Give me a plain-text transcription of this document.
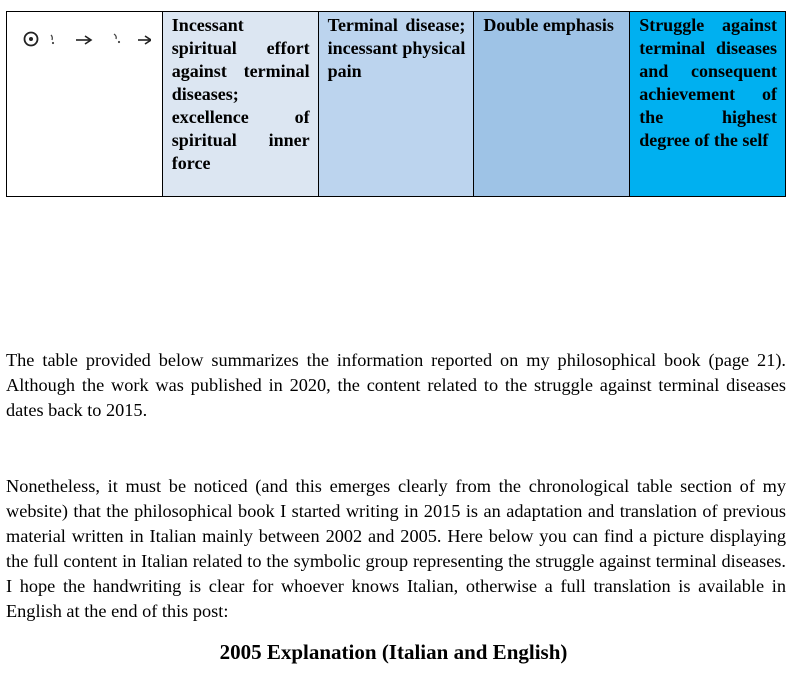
	Incessant spiritual effort against terminal diseases; excellence of spiritual inner force	Terminal disease; incessant physical pain	Double emphasis	Struggle against terminal diseases and consequent achievement of the highest degree of the self

The table provided below summarizes the information reported on my philosophical book (page 21). Although the work was published in 2020, the content related to the struggle against terminal diseases dates back to 2015.

Nonetheless, it must be noticed (and this emerges clearly from the chronological table section of my website) that the philosophical book I started writing in 2015 is an adaptation and translation of previous material written in Italian mainly between 2002 and 2005. Here below you can find a picture displaying the full content in Italian related to the symbolic group representing the struggle against terminal diseases. I hope the handwriting is clear for whoever knows Italian, otherwise a full translation is available in English at the end of this post:

2005 Explanation (Italian and English)
